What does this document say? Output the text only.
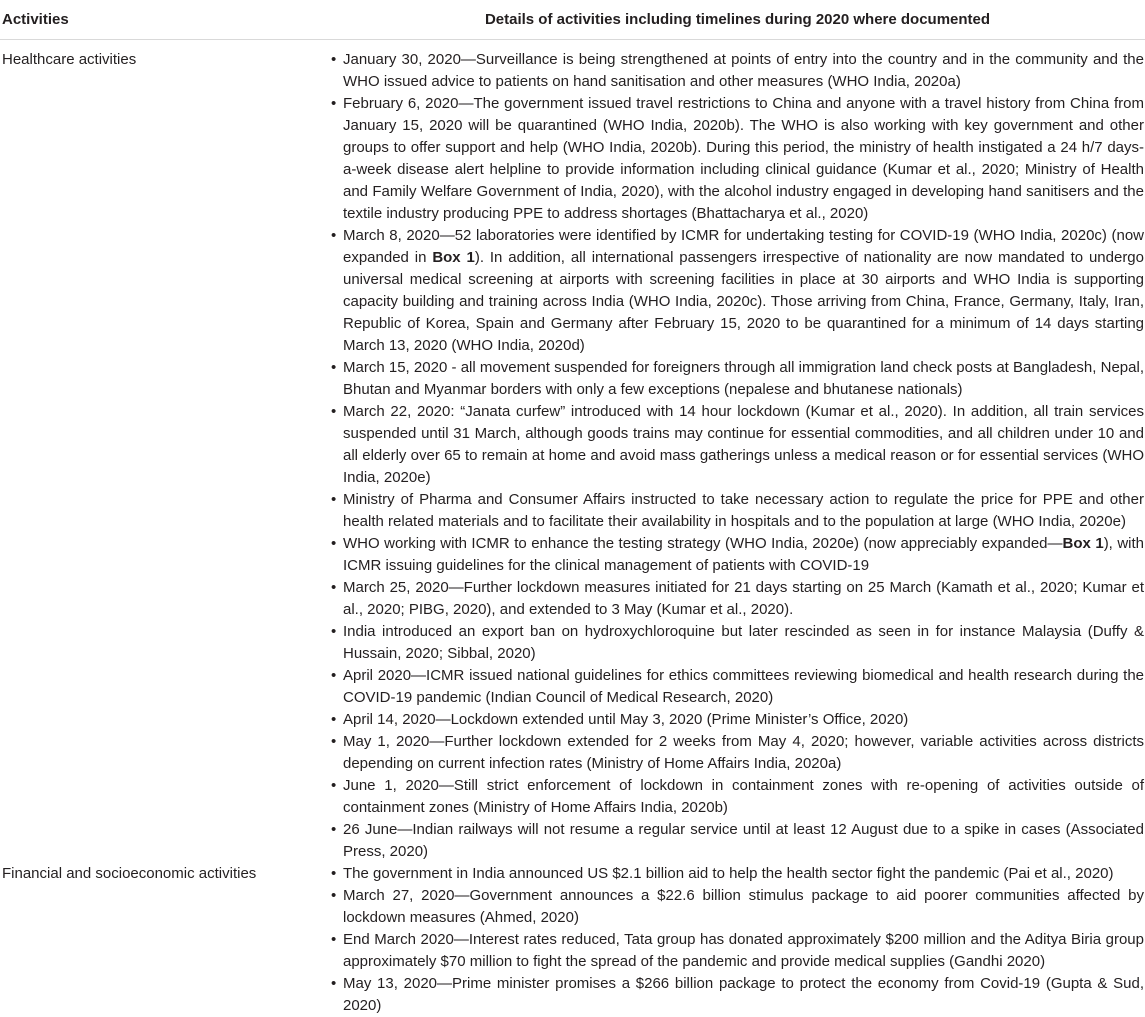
Activities	Details of activities including timelines during 2020 where documented
Healthcare activities	• January 30, 2020—Surveillance is being strengthened at points of entry into the country and in the community and the WHO issued advice to patients on hand sanitisation and other measures (WHO India, 2020a)
• February 6, 2020—The government issued travel restrictions to China and anyone with a travel history from China from January 15, 2020 will be quarantined (WHO India, 2020b). The WHO is also working with key government and other groups to offer support and help (WHO India, 2020b). During this period, the ministry of health instigated a 24 h/7 days-a-week disease alert helpline to provide information including clinical guidance (Kumar et al., 2020; Ministry of Health and Family Welfare Government of India, 2020), with the alcohol industry engaged in developing hand sanitisers and the textile industry producing PPE to address shortages (Bhattacharya et al., 2020)
• March 8, 2020—52 laboratories were identified by ICMR for undertaking testing for COVID-19 (WHO India, 2020c) (now expanded in Box 1). In addition, all international passengers irrespective of nationality are now mandated to undergo universal medical screening at airports with screening facilities in place at 30 airports and WHO India is supporting capacity building and training across India (WHO India, 2020c). Those arriving from China, France, Germany, Italy, Iran, Republic of Korea, Spain and Germany after February 15, 2020 to be quarantined for a minimum of 14 days starting March 13, 2020 (WHO India, 2020d)
• March 15, 2020 - all movement suspended for foreigners through all immigration land check posts at Bangladesh, Nepal, Bhutan and Myanmar borders with only a few exceptions (nepalese and bhutanese nationals)
• March 22, 2020: “Janata curfew” introduced with 14 hour lockdown (Kumar et al., 2020). In addition, all train services suspended until 31 March, although goods trains may continue for essential commodities, and all children under 10 and all elderly over 65 to remain at home and avoid mass gatherings unless a medical reason or for essential services (WHO India, 2020e)
• Ministry of Pharma and Consumer Affairs instructed to take necessary action to regulate the price for PPE and other health related materials and to facilitate their availability in hospitals and to the population at large (WHO India, 2020e)
• WHO working with ICMR to enhance the testing strategy (WHO India, 2020e) (now appreciably expanded—Box 1), with ICMR issuing guidelines for the clinical management of patients with COVID-19
• March 25, 2020—Further lockdown measures initiated for 21 days starting on 25 March (Kamath et al., 2020; Kumar et al., 2020; PIBG, 2020), and extended to 3 May (Kumar et al., 2020).
• India introduced an export ban on hydroxychloroquine but later rescinded as seen in for instance Malaysia (Duffy & Hussain, 2020; Sibbal, 2020)
• April 2020—ICMR issued national guidelines for ethics committees reviewing biomedical and health research during the COVID-19 pandemic (Indian Council of Medical Research, 2020)
• April 14, 2020—Lockdown extended until May 3, 2020 (Prime Minister’s Office, 2020)
• May 1, 2020—Further lockdown extended for 2 weeks from May 4, 2020; however, variable activities across districts depending on current infection rates (Ministry of Home Affairs India, 2020a)
• June 1, 2020—Still strict enforcement of lockdown in containment zones with re-opening of activities outside of containment zones (Ministry of Home Affairs India, 2020b)
• 26 June—Indian railways will not resume a regular service until at least 12 August due to a spike in cases (Associated Press, 2020)
Financial and socioeconomic activities	• The government in India announced US $2.1 billion aid to help the health sector fight the pandemic (Pai et al., 2020)
• March 27, 2020—Government announces a $22.6 billion stimulus package to aid poorer communities affected by lockdown measures (Ahmed, 2020)
• End March 2020—Interest rates reduced, Tata group has donated approximately $200 million and the Aditya Biria group approximately $70 million to fight the spread of the pandemic and provide medical supplies (Gandhi 2020)
• May 13, 2020—Prime minister promises a $266 billion package to protect the economy from Covid-19 (Gupta & Sud, 2020)
